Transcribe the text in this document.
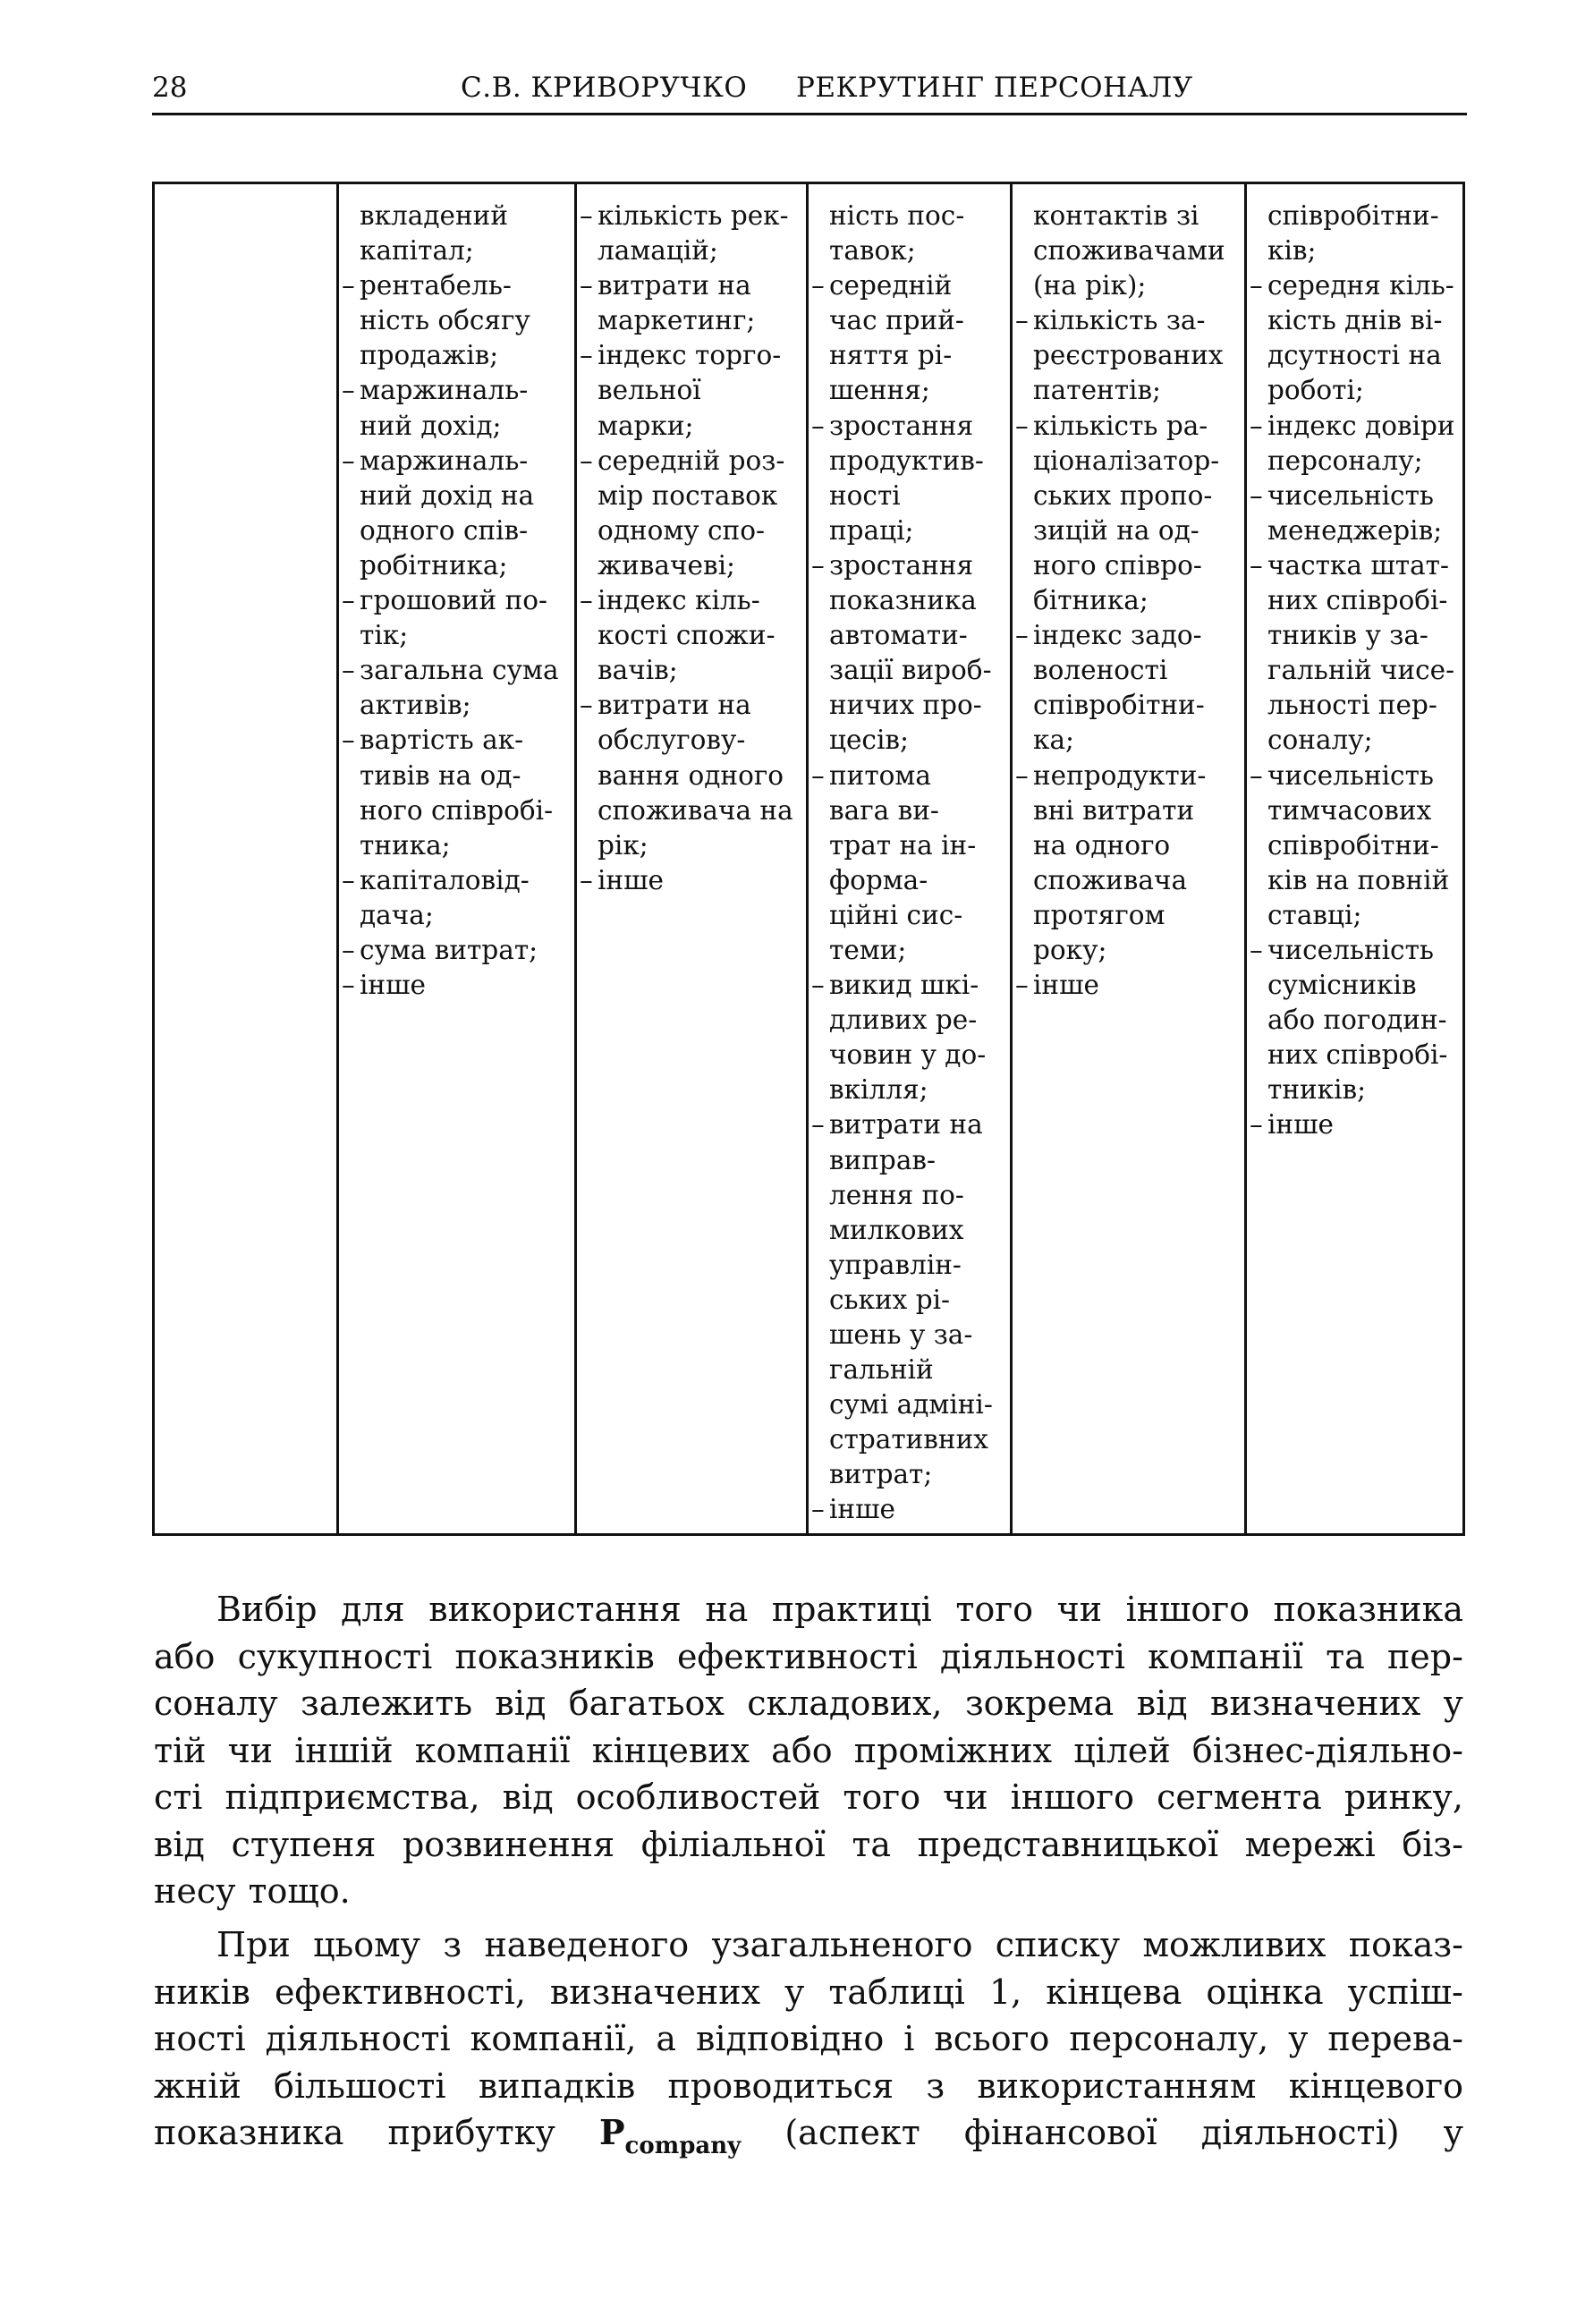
28	С.В. КРИВОРУЧКО РЕКРУТИНГ ПЕРСОНАЛУ
вкладений
капітал;
– рентабель-
ність обсягу
продажів;
– маржиналь-
ний дохід;
– маржиналь-
ний дохід на
одного спів-
робітника;
– грошовий по-
тік;
– загальна сума
активів;
– вартість ак-
тивів на од-
ного співробі-
тника;
– капіталовід-
дача;
– сума витрат;
– інше
– кількість рек-
ламацій;
– витрати на
маркетинг;
– індекс торго-
вельної
марки;
– середній роз-
мір поставок
одному спо-
живачеві;
– індекс кіль-
кості спожи-
вачів;
– витрати на
обслугову-
вання одного
споживача на
рік;
– інше
ність пос-
тавок;
– середній
час прий-
няття рі-
шення;
– зростання
продуктив-
ності
праці;
– зростання
показника
автомати-
зації вироб-
ничих про-
цесів;
– питома
вага ви-
трат на ін-
форма-
ційні сис-
теми;
– викид шкі-
дливих ре-
човин у до-
вкілля;
– витрати на
виправ-
лення по-
милкових
управлін-
ських рі-
шень у за-
гальній
сумі адміні-
стративних
витрат;
– інше
контактів зі
споживачами
(на рік);
– кількість за-
реєстрованих
патентів;
– кількість ра-
ціоналізатор-
ських пропо-
зицій на од-
ного співро-
бітника;
– індекс задо-
воленості
співробітни-
ка;
– непродукти-
вні витрати
на одного
споживача
протягом
року;
– інше
співробітни-
ків;
– середня кіль-
кість днів ві-
дсутності на
роботі;
– індекс довіри
персоналу;
– чисельність
менеджерів;
– частка штат-
них співробі-
тників у за-
гальній чисе-
льності пер-
соналу;
– чисельність
тимчасових
співробітни-
ків на повній
ставці;
– чисельність
сумісників
або погодин-
них співробі-
тників;
– інше
Вибір для використання на практиці того чи іншого показника
або сукупності показників ефективності діяльності компанії та пер-
соналу залежить від багатьох складових, зокрема від визначених у
тій чи іншій компанії кінцевих або проміжних цілей бізнес-діяльно-
сті підприємства, від особливостей того чи іншого сегмента ринку,
від ступеня розвинення філіальної та представницької мережі біз-
несу тощо.
При цьому з наведеного узагальненого списку можливих показ-
ників ефективності, визначених у таблиці 1, кінцева оцінка успіш-
ності діяльності компанії, а відповідно і всього персоналу, у перева-
жній більшості випадків проводиться з використанням кінцевого
показника прибутку $P_{company}$ (аспект фінансової діяльності) у
